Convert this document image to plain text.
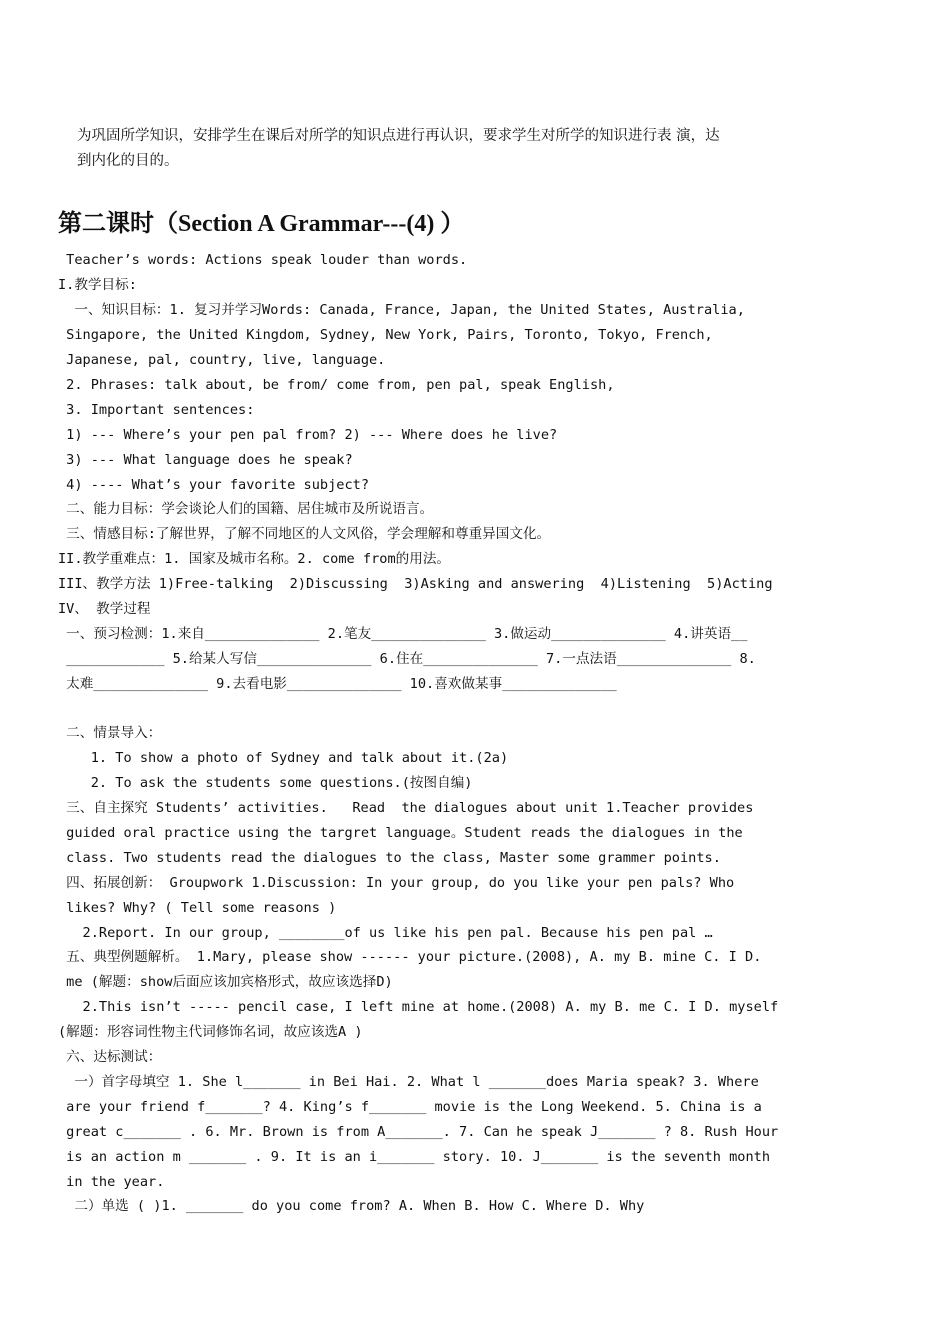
为巩固所学知识，安排学生在课后对所学的知识点进行再认识，要求学生对所学的知识进行表 演，达
到内化的目的。
第二课时（Section A Grammar---(4) ）
Teacher’s words: Actions speak louder than words.
I.教学目标:
一、知识目标：1. 复习并学习Words: Canada, France, Japan, the United States, Australia,
Singapore, the United Kingdom, Sydney, New York, Pairs, Toronto, Tokyo, French,
Japanese, pal, country, live, language.
2. Phrases: talk about, be from/ come from, pen pal, speak English,
3. Important sentences:
1) --- Where’s your pen pal from? 2) --- Where does he live?
3) --- What language does he speak?
4) ---- What’s your favorite subject?
二、能力目标：学会谈论人们的国籍、居住城市及所说语言。
三、情感目标:了解世界，了解不同地区的人文风俗，学会理解和尊重异国文化。
II.教学重难点：1. 国家及城市名称。2. come from的用法。
III、教学方法 1)Free-talking  2)Discussing  3)Asking and answering  4)Listening  5)Acting
IV、 教学过程
一、预习检测：1.来自______________ 2.笔友______________ 3.做运动______________ 4.讲英语__
____________ 5.给某人写信______________ 6.住在______________ 7.一点法语______________ 8.
太难______________ 9.去看电影______________ 10.喜欢做某事______________
二、情景导入：
1. To show a photo of Sydney and talk about it.(2a)
2. To ask the students some questions.(按图自编)
三、自主探究 Students’ activities.   Read  the dialogues about unit 1.Teacher provides
guided oral practice using the targret language。Student reads the dialogues in the
class. Two students read the dialogues to the class, Master some grammer points.
四、拓展创新： Groupwork 1.Discussion: In your group, do you like your pen pals? Who
likes? Why? ( Tell some reasons )
2.Report. In our group, ________of us like his pen pal. Because his pen pal …
五、典型例题解析。 1.Mary, please show ------ your picture.(2008), A. my B. mine C. I D.
me (解题：show后面应该加宾格形式，故应该选择D)
2.This isn’t ----- pencil case, I left mine at home.(2008) A. my B. me C. I D. myself
(解题：形容词性物主代词修饰名词，故应该选A )
六、达标测试：
一）首字母填空 1. She l_______ in Bei Hai. 2. What l _______does Maria speak? 3. Where
are your friend f_______? 4. King’s f_______ movie is the Long Weekend. 5. China is a
great c_______ . 6. Mr. Brown is from A_______. 7. Can he speak J_______ ? 8. Rush Hour
is an action m _______ . 9. It is an i_______ story. 10. J_______ is the seventh month
in the year.
二）单选 ( )1. _______ do you come from? A. When B. How C. Where D. Why
